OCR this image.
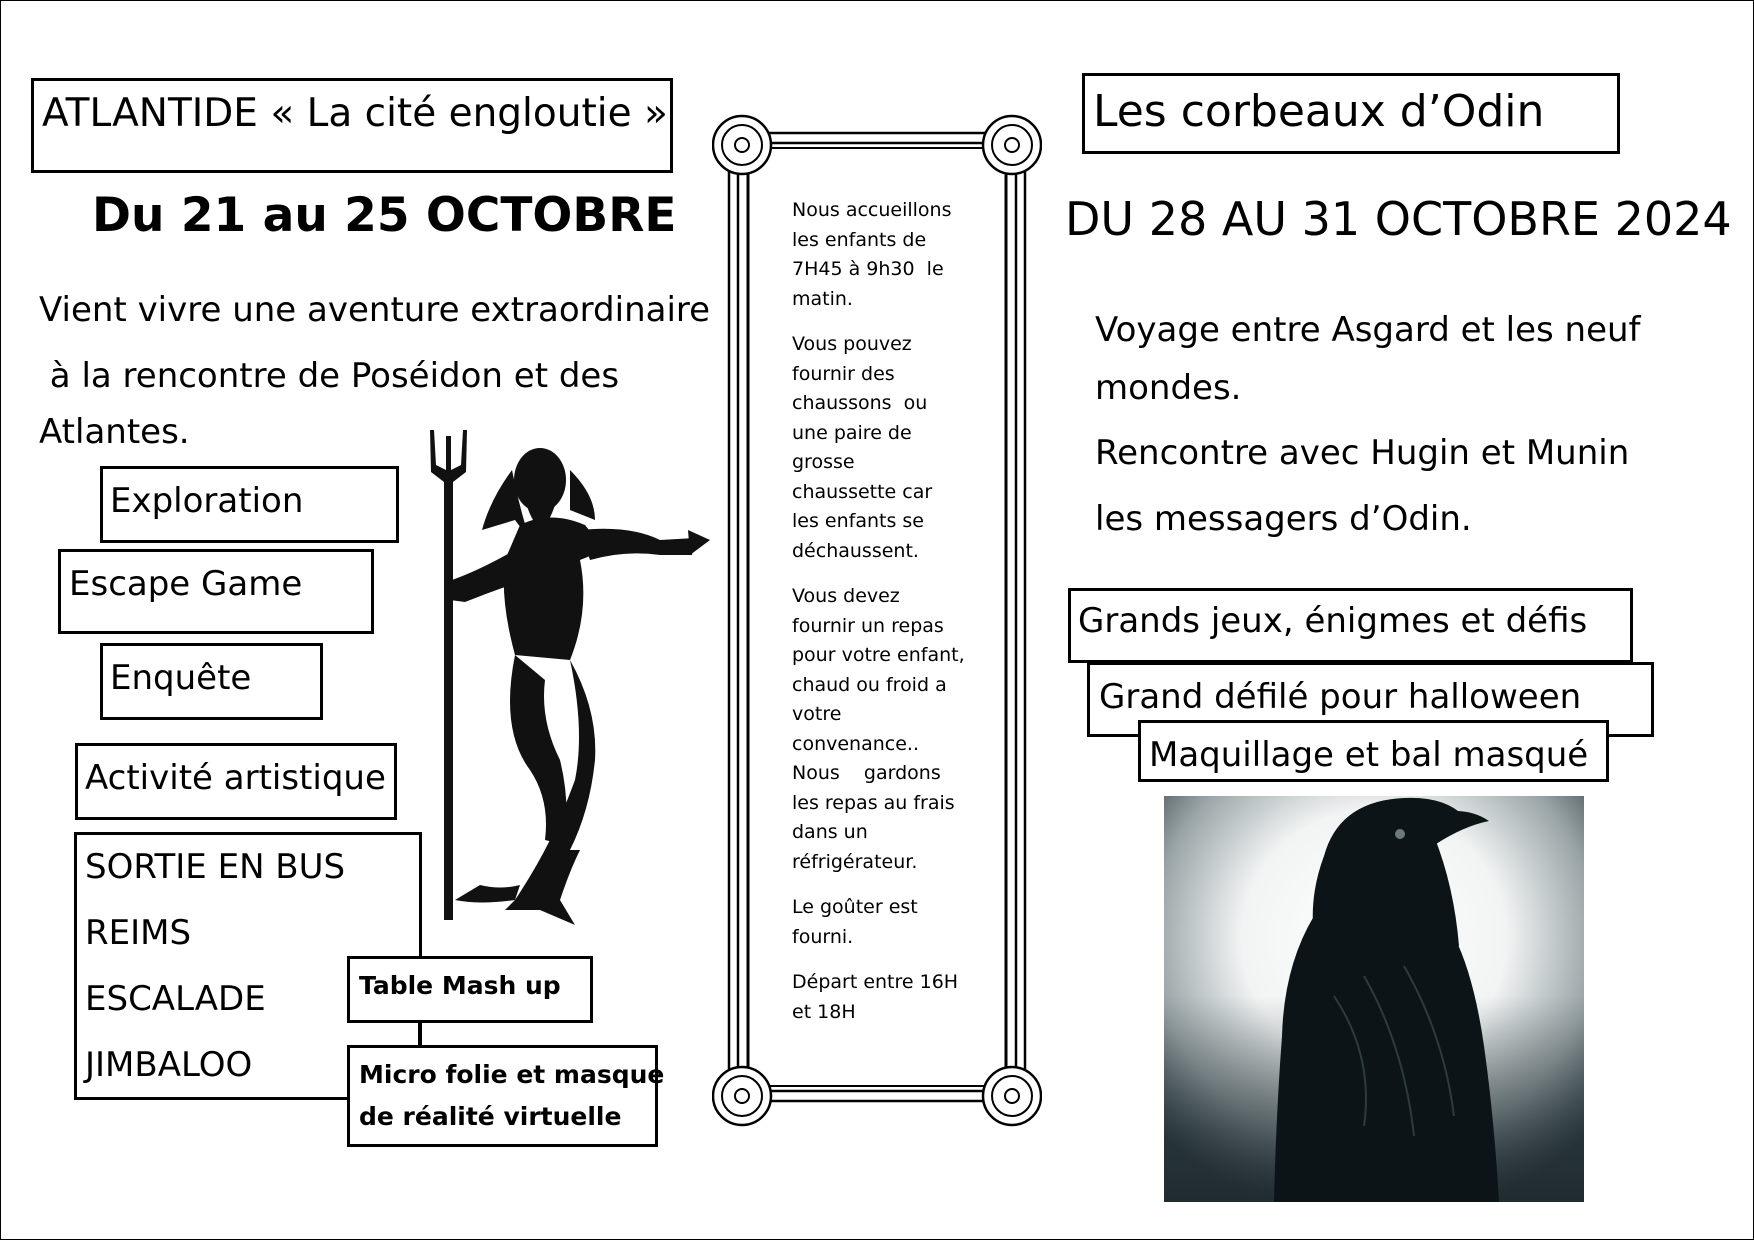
ATLANTIDE « La cité engloutie »
Du 21 au 25 OCTOBRE
Vient vivre une aventure extraordinaire
à la rencontre de Poséidon et des
Atlantes.
Exploration
Escape Game
Enquête
Activité artistique
SORTIE EN BUS
REIMS
ESCALADE
JIMBALOO
Table Mash up
Micro folie et masque
de réalité virtuelle

Nous accueillons
les enfants de
7H45 à 9h30  le
matin.

Vous pouvez
fournir des
chaussons  ou
une paire de
grosse
chaussette car
les enfants se
déchaussent.

Vous devez
fournir un repas
pour votre enfant,
chaud ou froid a
votre
convenance..
Nous    gardons
les repas au frais
dans un
réfrigérateur.

Le goûter est
fourni.

Départ entre 16H
et 18H

Les corbeaux d’Odin
DU 28 AU 31 OCTOBRE 2024
Voyage entre Asgard et les neuf
mondes.
Rencontre avec Hugin et Munin
les messagers d’Odin.
Grands jeux, énigmes et défis
Grand défilé pour halloween
Maquillage et bal masqué
